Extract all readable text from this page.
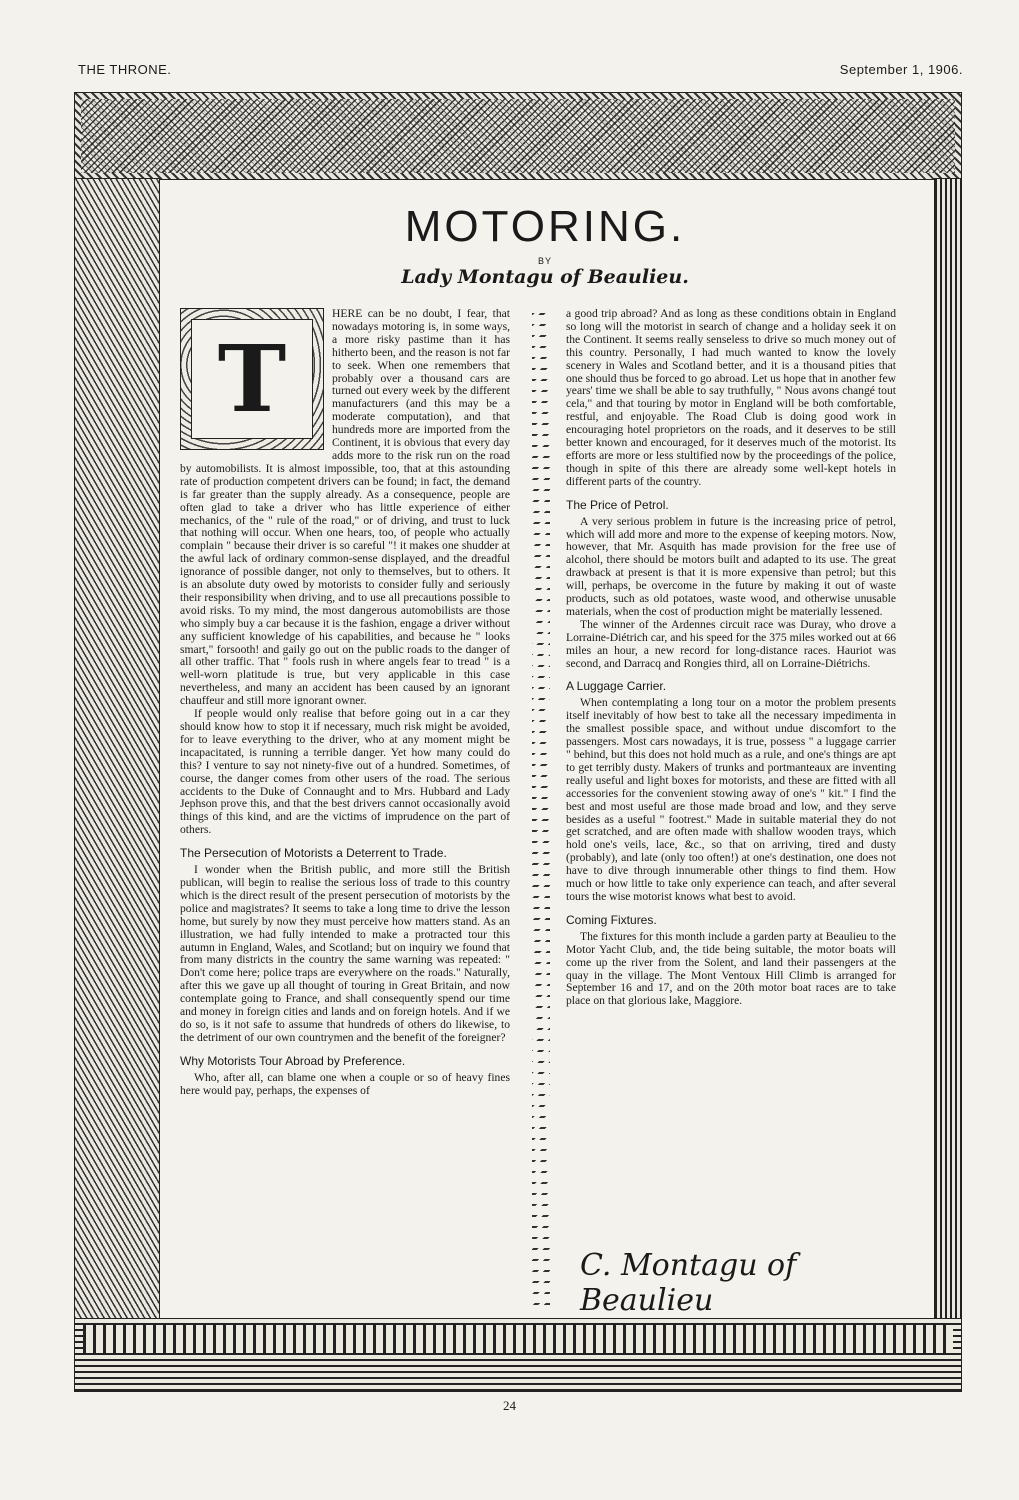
THE THRONE.	September 1, 1906.
MOTORING.
BY
Lady Montagu of Beaulieu.
T

HERE can be no doubt, I fear, that nowadays motoring is, in some ways, a more risky pastime than it has hitherto been, and the reason is not far to seek. When one remembers that probably over a thousand cars are turned out every week by the different manufacturers (and this may be a moderate computation), and that hundreds more are imported from the Continent, it is obvious that every day adds more to the risk run on the road by automobilists. It is almost impossible, too, that at this astounding rate of production competent drivers can be found; in fact, the demand is far greater than the supply already. As a consequence, people are often glad to take a driver who has little experience of either mechanics, of the " rule of the road," or of driving, and trust to luck that nothing will occur. When one hears, too, of people who actually complain " because their driver is so careful "! it makes one shudder at the awful lack of ordinary common-sense displayed, and the dreadful ignorance of possible danger, not only to themselves, but to others. It is an absolute duty owed by motorists to consider fully and seriously their responsibility when driving, and to use all precautions possible to avoid risks. To my mind, the most dangerous automobilists are those who simply buy a car because it is the fashion, engage a driver without any sufficient knowledge of his capabilities, and because he " looks smart," forsooth! and gaily go out on the public roads to the danger of all other traffic. That " fools rush in where angels fear to tread " is a well-worn platitude is true, but very applicable in this case nevertheless, and many an accident has been caused by an ignorant chauffeur and still more ignorant owner.

If people would only realise that before going out in a car they should know how to stop it if necessary, much risk might be avoided, for to leave everything to the driver, who at any moment might be incapacitated, is running a terrible danger. Yet how many could do this? I venture to say not ninety-five out of a hundred. Sometimes, of course, the danger comes from other users of the road. The serious accidents to the Duke of Connaught and to Mrs. Hubbard and Lady Jephson prove this, and that the best drivers cannot occasionally avoid things of this kind, and are the victims of imprudence on the part of others.

The Persecution of Motorists a Deterrent to Trade.

I wonder when the British public, and more still the British publican, will begin to realise the serious loss of trade to this country which is the direct result of the present persecution of motorists by the police and magistrates? It seems to take a long time to drive the lesson home, but surely by now they must perceive how matters stand. As an illustration, we had fully intended to make a protracted tour this autumn in England, Wales, and Scotland; but on inquiry we found that from many districts in the country the same warning was repeated: " Don't come here; police traps are everywhere on the roads." Naturally, after this we gave up all thought of touring in Great Britain, and now contemplate going to France, and shall consequently spend our time and money in foreign cities and lands and on foreign hotels. And if we do so, is it not safe to assume that hundreds of others do likewise, to the detriment of our own countrymen and the benefit of the foreigner?

Why Motorists Tour Abroad by Preference.

Who, after all, can blame one when a couple or so of heavy fines here would pay, perhaps, the expenses of

a good trip abroad? And as long as these conditions obtain in England so long will the motorist in search of change and a holiday seek it on the Continent. It seems really senseless to drive so much money out of this country. Personally, I had much wanted to know the lovely scenery in Wales and Scotland better, and it is a thousand pities that one should thus be forced to go abroad. Let us hope that in another few years' time we shall be able to say truthfully, " Nous avons changé tout cela," and that touring by motor in England will be both comfortable, restful, and enjoyable. The Road Club is doing good work in encouraging hotel proprietors on the roads, and it deserves to be still better known and encouraged, for it deserves much of the motorist. Its efforts are more or less stultified now by the proceedings of the police, though in spite of this there are already some well-kept hotels in different parts of the country.

The Price of Petrol.

A very serious problem in future is the increasing price of petrol, which will add more and more to the expense of keeping motors. Now, however, that Mr. Asquith has made provision for the free use of alcohol, there should be motors built and adapted to its use. The great drawback at present is that it is more expensive than petrol; but this will, perhaps, be overcome in the future by making it out of waste products, such as old potatoes, waste wood, and otherwise unusable materials, when the cost of production might be materially lessened.

The winner of the Ardennes circuit race was Duray, who drove a Lorraine-Diétrich car, and his speed for the 375 miles worked out at 66 miles an hour, a new record for long-distance races. Hauriot was second, and Darracq and Rongies third, all on Lorraine-Diétrichs.

A Luggage Carrier.

When contemplating a long tour on a motor the problem presents itself inevitably of how best to take all the necessary impedimenta in the smallest possible space, and without undue discomfort to the passengers. Most cars nowadays, it is true, possess " a luggage carrier " behind, but this does not hold much as a rule, and one's things are apt to get terribly dusty. Makers of trunks and portmanteaux are inventing really useful and light boxes for motorists, and these are fitted with all accessories for the convenient stowing away of one's " kit." I find the best and most useful are those made broad and low, and they serve besides as a useful " footrest." Made in suitable material they do not get scratched, and are often made with shallow wooden trays, which hold one's veils, lace, &c., so that on arriving, tired and dusty (probably), and late (only too often!) at one's destination, one does not have to dive through innumerable other things to find them. How much or how little to take only experience can teach, and after several tours the wise motorist knows what best to avoid.

Coming Fixtures.

The fixtures for this month include a garden party at Beaulieu to the Motor Yacht Club, and, the tide being suitable, the motor boats will come up the river from the Solent, and land their passengers at the quay in the village. The Mont Ventoux Hill Climb is arranged for September 16 and 17, and on the 20th motor boat races are to take place on that glorious lake, Maggiore.

C. Montagu of Beaulieu
24
